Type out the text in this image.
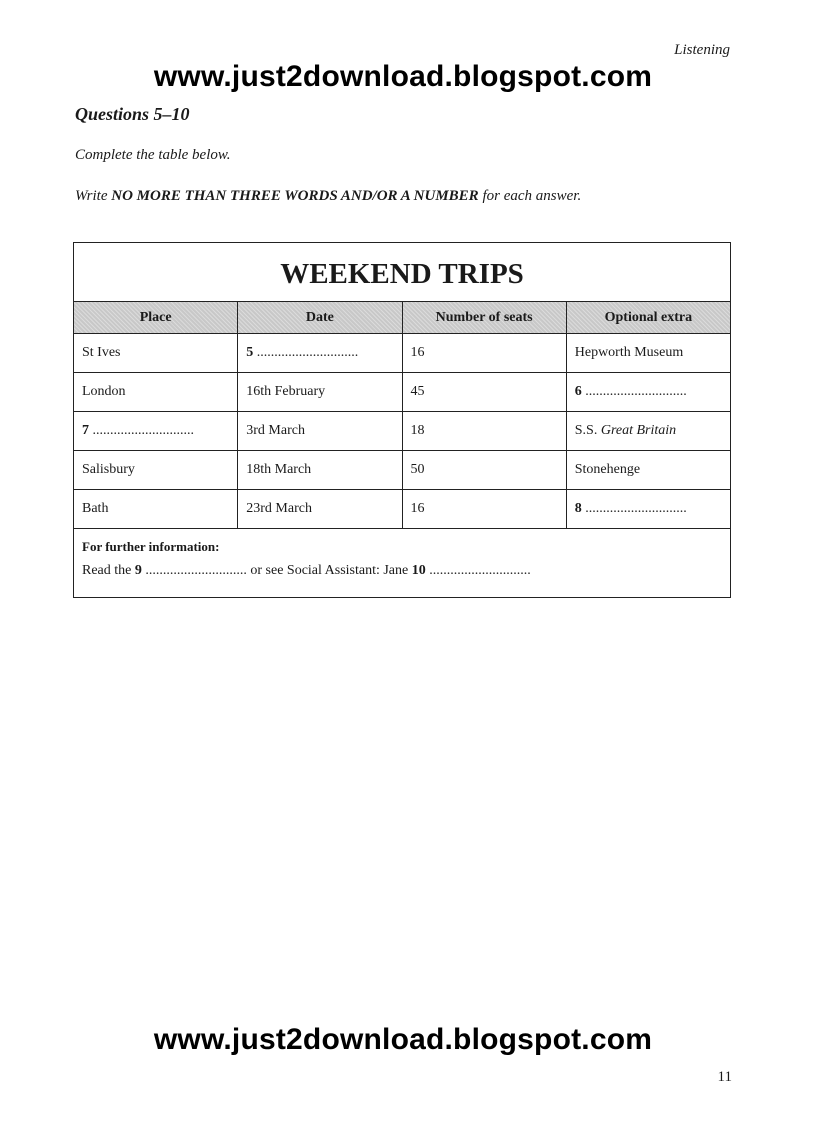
Listening
www.just2download.blogspot.com
Questions 5–10
Complete the table below.
Write NO MORE THAN THREE WORDS AND/OR A NUMBER for each answer.
WEEKEND TRIPS
Place	Date	Number of seats	Optional extra
St Ives	5 .............................	16	Hepworth Museum
London	16th February	45	6 .............................
7 .............................	3rd March	18	S.S. Great Britain
Salisbury	18th March	50	Stonehenge
Bath	23rd March	16	8 .............................
For further information:
Read the 9 ............................. or see Social Assistant: Jane 10 .............................
www.just2download.blogspot.com
11
